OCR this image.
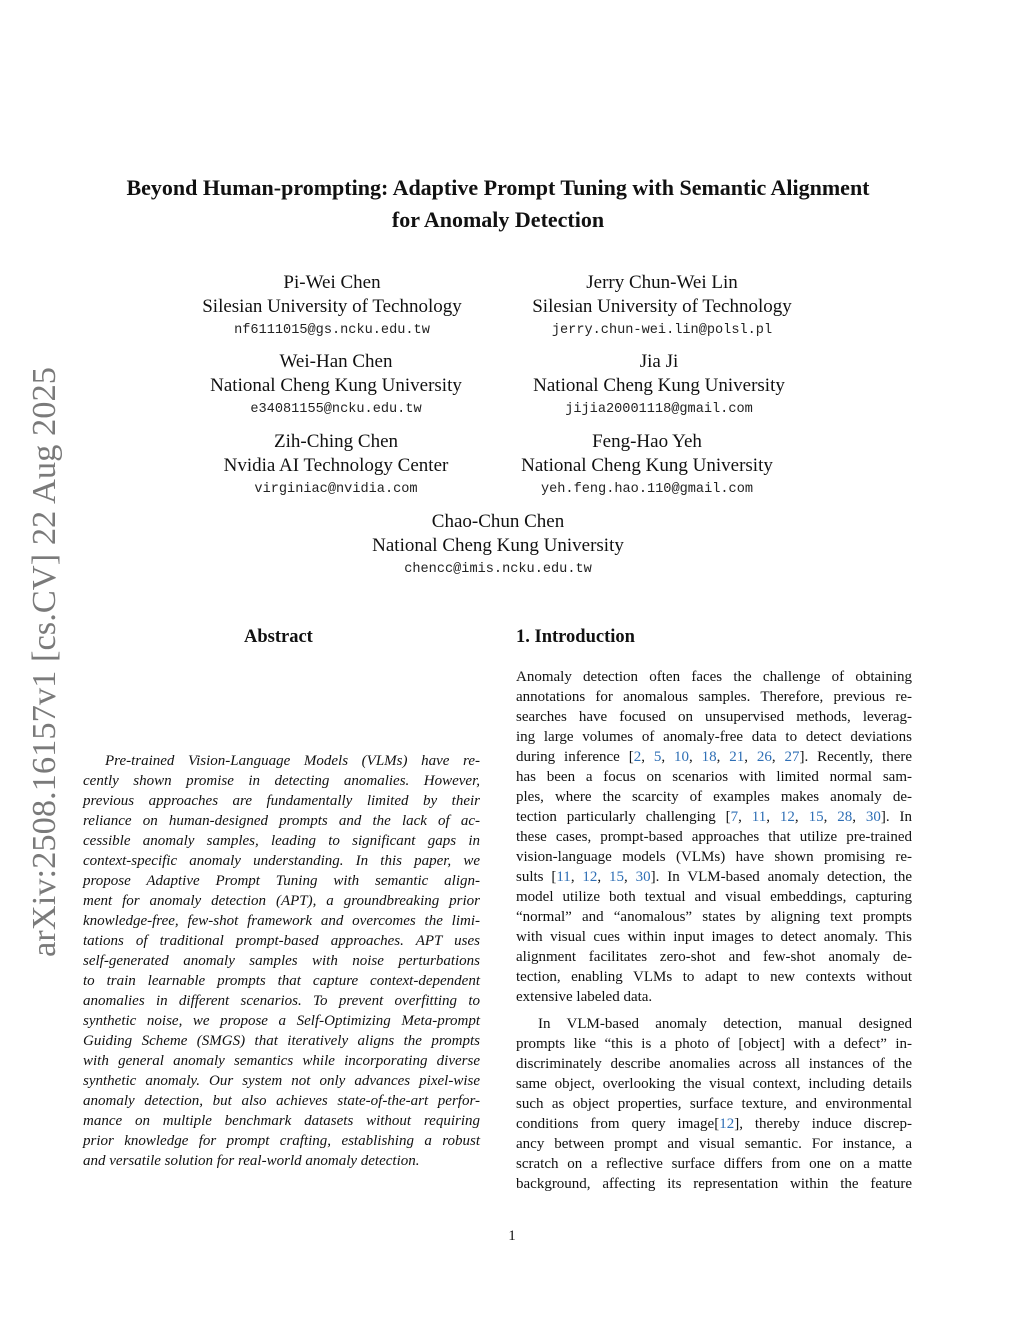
arXiv:2508.16157v1 [cs.CV] 22 Aug 2025
Beyond Human-prompting: Adaptive Prompt Tuning with Semantic Alignment
for Anomaly Detection
Pi-Wei Chen
Silesian University of Technology
nf6111015@gs.ncku.edu.tw
Jerry Chun-Wei Lin
Silesian University of Technology
jerry.chun-wei.lin@polsl.pl
Wei-Han Chen
National Cheng Kung University
e34081155@ncku.edu.tw
Jia Ji
National Cheng Kung University
jijia20001118@gmail.com
Zih-Ching Chen
Nvidia AI Technology Center
virginiac@nvidia.com
Feng-Hao Yeh
National Cheng Kung University
yeh.feng.hao.110@gmail.com
Chao-Chun Chen
National Cheng Kung University
chencc@imis.ncku.edu.tw
Abstract
Pre-trained Vision-Language Models (VLMs) have re-
cently shown promise in detecting anomalies. However,
previous approaches are fundamentally limited by their
reliance on human-designed prompts and the lack of ac-
cessible anomaly samples, leading to significant gaps in
context-specific anomaly understanding. In this paper, we
propose Adaptive Prompt Tuning with semantic align-
ment for anomaly detection (APT), a groundbreaking prior
knowledge-free, few-shot framework and overcomes the limi-
tations of traditional prompt-based approaches. APT uses
self-generated anomaly samples with noise perturbations
to train learnable prompts that capture context-dependent
anomalies in different scenarios. To prevent overfitting to
synthetic noise, we propose a Self-Optimizing Meta-prompt
Guiding Scheme (SMGS) that iteratively aligns the prompts
with general anomaly semantics while incorporating diverse
synthetic anomaly. Our system not only advances pixel-wise
anomaly detection, but also achieves state-of-the-art perfor-
mance on multiple benchmark datasets without requiring
prior knowledge for prompt crafting, establishing a robust
and versatile solution for real-world anomaly detection.
1. Introduction
Anomaly detection often faces the challenge of obtaining
annotations for anomalous samples. Therefore, previous re-
searches have focused on unsupervised methods, leverag-
ing large volumes of anomaly-free data to detect deviations
during inference [2, 5, 10, 18, 21, 26, 27]. Recently, there
has been a focus on scenarios with limited normal sam-
ples, where the scarcity of examples makes anomaly de-
tection particularly challenging [7, 11, 12, 15, 28, 30]. In
these cases, prompt-based approaches that utilize pre-trained
vision-language models (VLMs) have shown promising re-
sults [11, 12, 15, 30]. In VLM-based anomaly detection, the
model utilize both textual and visual embeddings, capturing
“normal” and “anomalous” states by aligning text prompts
with visual cues within input images to detect anomaly. This
alignment facilitates zero-shot and few-shot anomaly de-
tection, enabling VLMs to adapt to new contexts without
extensive labeled data.
In VLM-based anomaly detection, manual designed
prompts like “this is a photo of [object] with a defect” in-
discriminately describe anomalies across all instances of the
same object, overlooking the visual context, including details
such as object properties, surface texture, and environmental
conditions from query image[12], thereby induce discrep-
ancy between prompt and visual semantic. For instance, a
scratch on a reflective surface differs from one on a matte
background, affecting its representation within the feature
1
